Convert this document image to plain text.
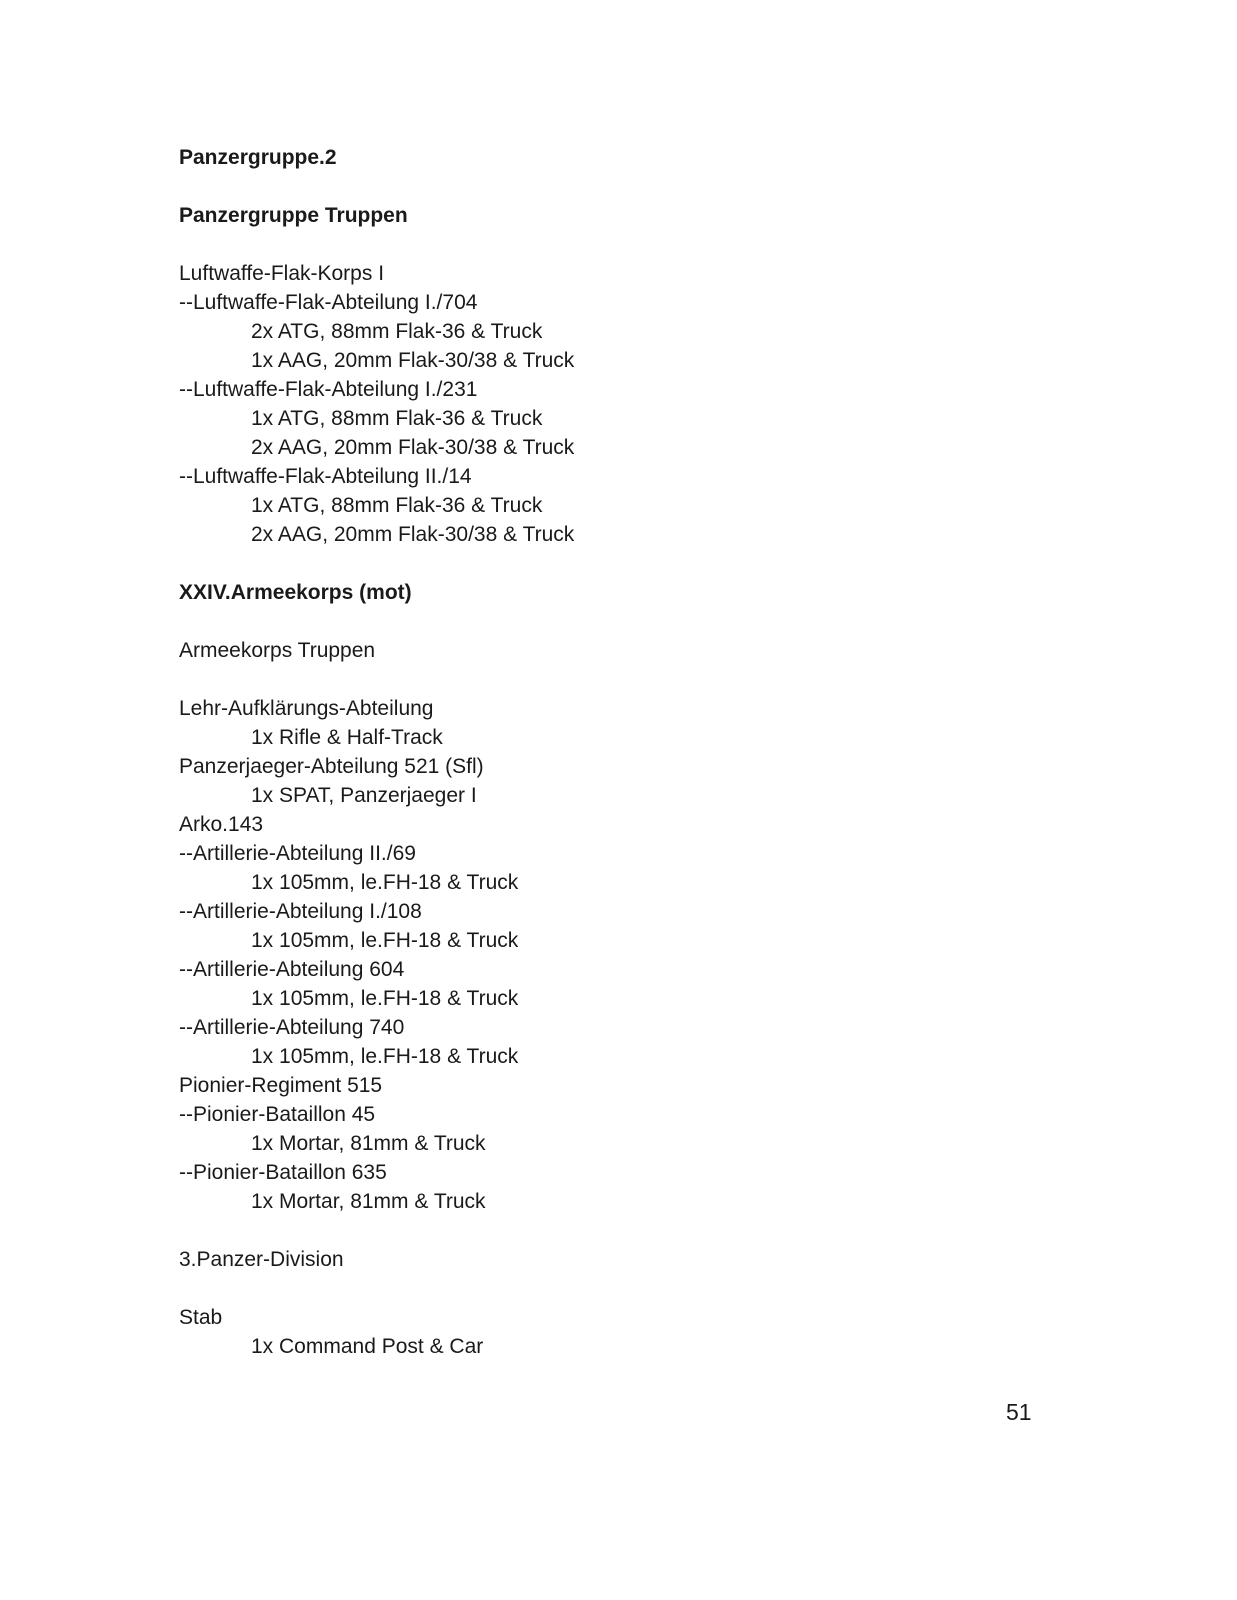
Panzergruppe.2
Panzergruppe Truppen
Luftwaffe-Flak-Korps I
--Luftwaffe-Flak-Abteilung I./704
2x ATG, 88mm Flak-36 & Truck
1x AAG, 20mm Flak-30/38 & Truck
--Luftwaffe-Flak-Abteilung I./231
1x ATG, 88mm Flak-36 & Truck
2x AAG, 20mm Flak-30/38 & Truck
--Luftwaffe-Flak-Abteilung II./14
1x ATG, 88mm Flak-36 & Truck
2x AAG, 20mm Flak-30/38 & Truck
XXIV.Armeekorps (mot)
Armeekorps Truppen
Lehr-Aufklärungs-Abteilung
1x Rifle & Half-Track
Panzerjaeger-Abteilung 521 (Sfl)
1x SPAT, Panzerjaeger I
Arko.143
--Artillerie-Abteilung II./69
1x 105mm, le.FH-18 & Truck
--Artillerie-Abteilung I./108
1x 105mm, le.FH-18 & Truck
--Artillerie-Abteilung 604
1x 105mm, le.FH-18 & Truck
--Artillerie-Abteilung 740
1x 105mm, le.FH-18 & Truck
Pionier-Regiment 515
--Pionier-Bataillon 45
1x Mortar, 81mm & Truck
--Pionier-Bataillon 635
1x Mortar, 81mm & Truck
3.Panzer-Division
Stab
1x Command Post & Car
51
